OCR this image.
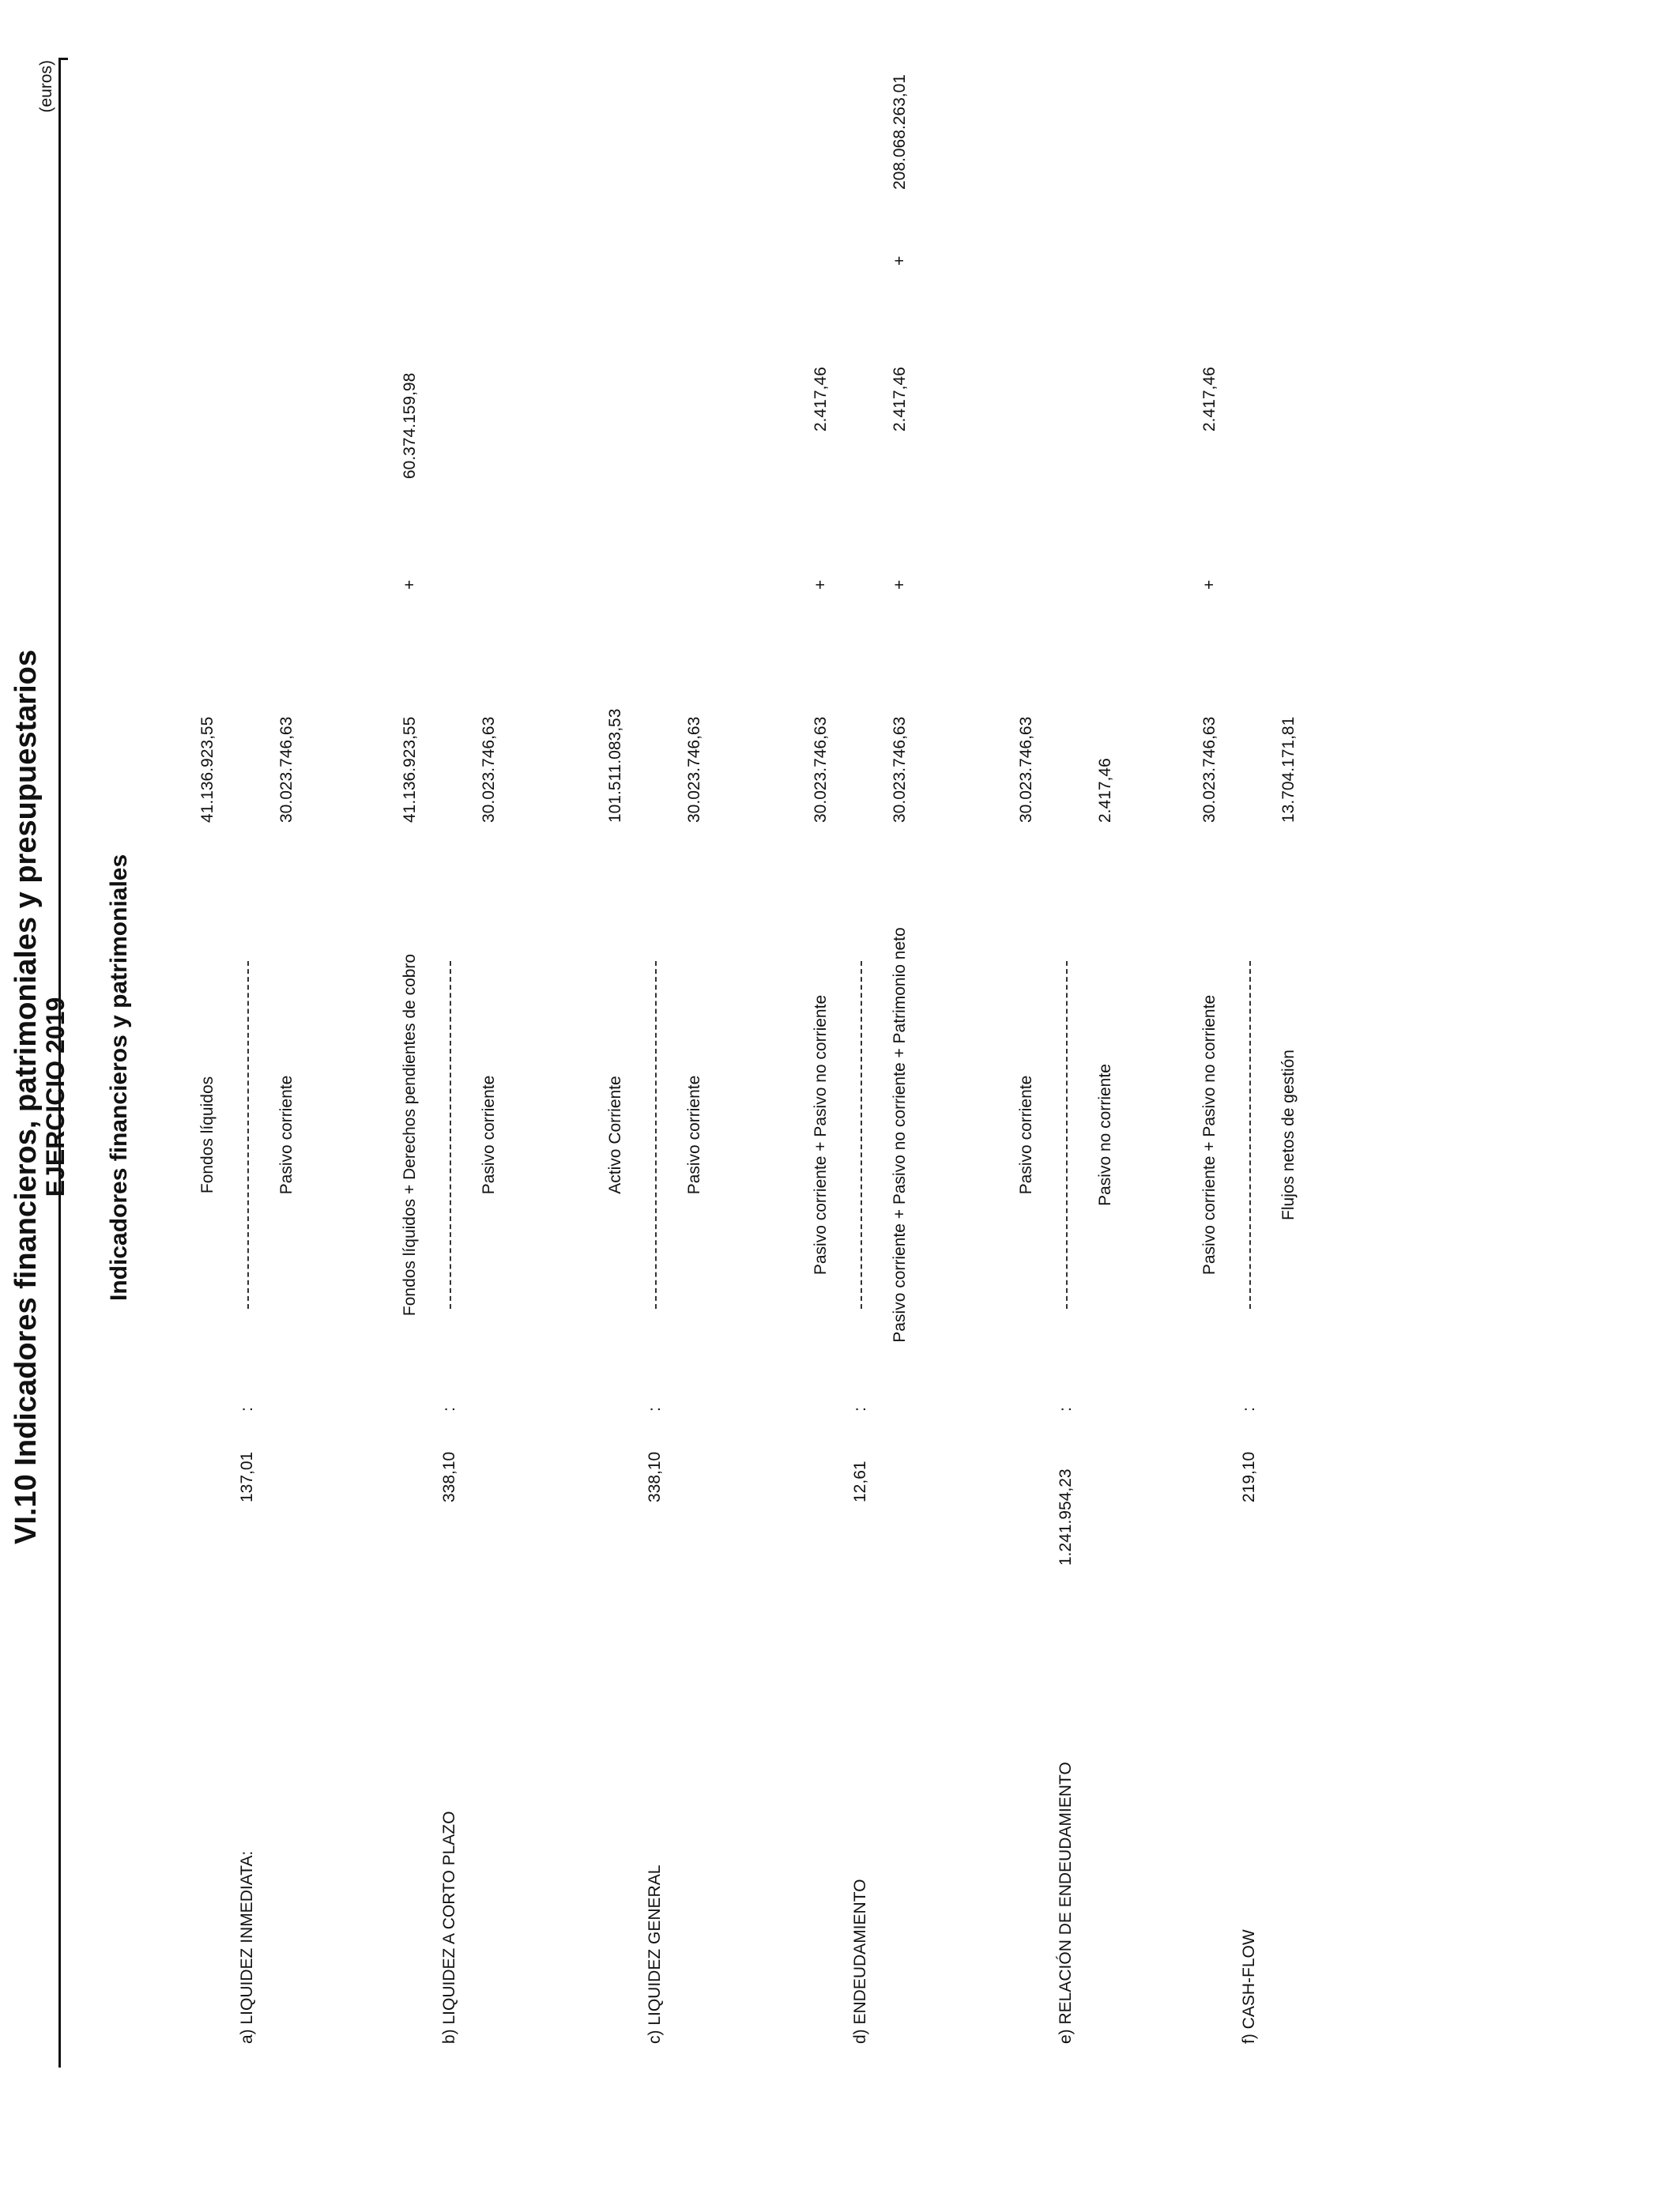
VI.10 Indicadores financieros, patrimoniales y presupuestarios
EJERCICIO 2019
(euros)
Indicadores financieros y patrimoniales
a) LIQUIDEZ INMEDIATA:
137,01
:
Fondos líquidos
41.136.923,55
Pasivo corriente
30.023.746,63
b) LIQUIDEZ A CORTO PLAZO
338,10
:
Fondos líquidos + Derechos pendientes de cobro
41.136.923,55
+
60.374.159,98
Pasivo corriente
30.023.746,63
c) LIQUIDEZ GENERAL
338,10
:
Activo Corriente
101.511.083,53
Pasivo corriente
30.023.746,63
d) ENDEUDAMIENTO
12,61
:
Pasivo corriente + Pasivo no corriente
30.023.746,63
+
2.417,46
Pasivo corriente + Pasivo no corriente + Patrimonio neto
30.023.746,63
+
2.417,46
+
208.068.263,01
e) RELACIÓN DE ENDEUDAMIENTO
1.241.954,23
:
Pasivo corriente
30.023.746,63
Pasivo no corriente
2.417,46
f) CASH-FLOW
219,10
:
Pasivo corriente + Pasivo no corriente
30.023.746,63
+
2.417,46
Flujos netos de gestión
13.704.171,81
